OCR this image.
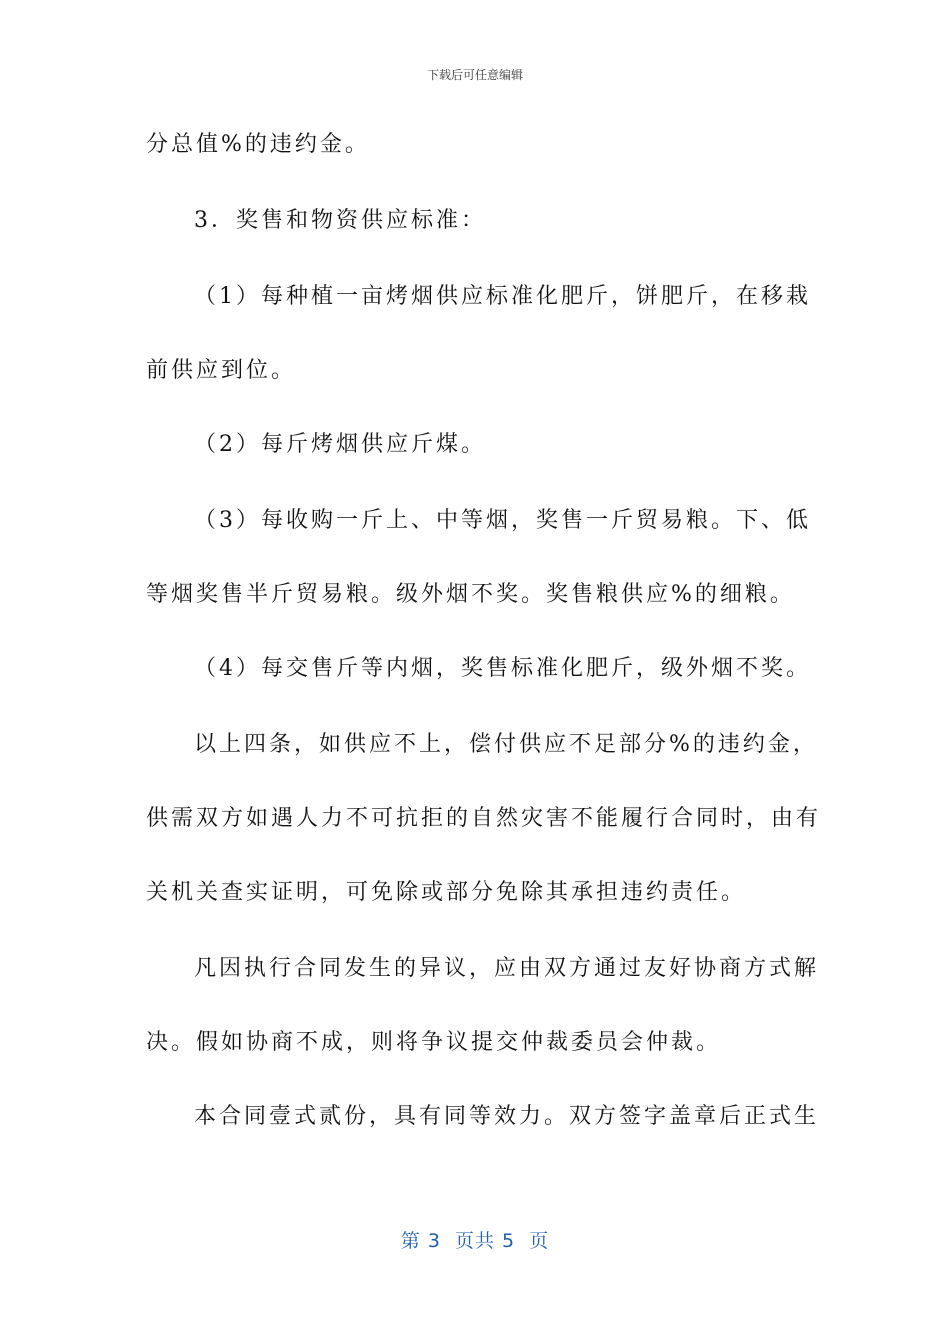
下载后可任意编辑
分总值%的违约金。
3．奖售和物资供应标准：
（1）每种植一亩烤烟供应标准化肥斤，饼肥斤，在移栽
前供应到位。
（2）每斤烤烟供应斤煤。
（3）每收购一斤上、中等烟，奖售一斤贸易粮。下、低
等烟奖售半斤贸易粮。级外烟不奖。奖售粮供应%的细粮。
（4）每交售斤等内烟，奖售标准化肥斤，级外烟不奖。
以上四条，如供应不上，偿付供应不足部分%的违约金，
供需双方如遇人力不可抗拒的自然灾害不能履行合同时，由有
关机关查实证明，可免除或部分免除其承担违约责任。
凡因执行合同发生的异议，应由双方通过友好协商方式解
决。假如协商不成，则将争议提交仲裁委员会仲裁。
本合同壹式贰份，具有同等效力。双方签字盖章后正式生
第 3  页共 5  页
